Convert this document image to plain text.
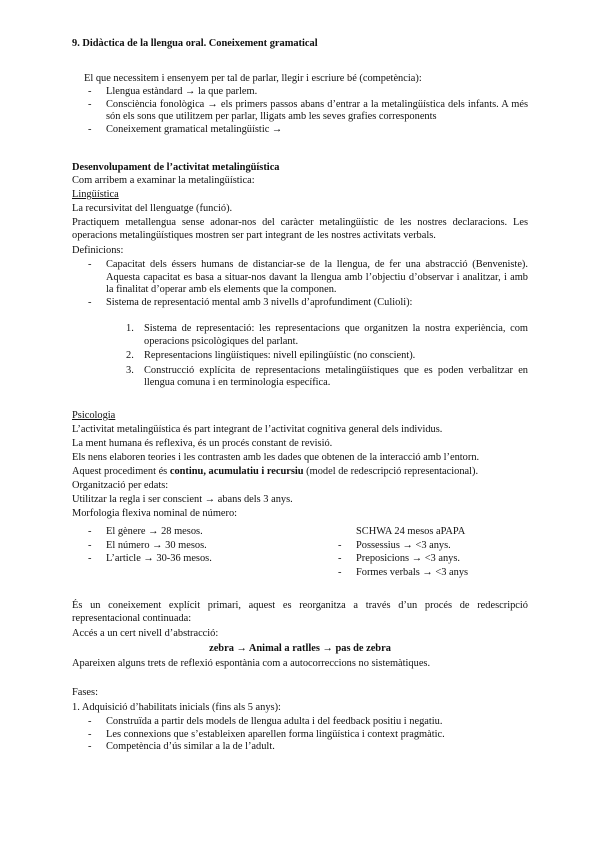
9. Didàctica de la llengua oral. Coneixement gramatical

El que necessitem i ensenyem per tal de parlar, llegir i escriure bé (competència):

- Llengua estàndard → la que parlem.
- Consciència fonològica → els primers passos abans d’entrar a la metalingüística dels infants. A més són els sons que utilitzem per parlar, lligats amb les seves grafies corresponents
- Coneixement gramatical metalingüístic →

Desenvolupament de l’activitat metalingüística

Com arribem a examinar la metalingüística:

Lingüística

La recursivitat del llenguatge (funció).

Practiquem metallengua sense adonar-nos del caràcter metalingüístic de les nostres declaracions. Les operacions metalingüístiques mostren ser part integrant de les nostres activitats verbals.

Definicions:

- Capacitat dels éssers humans de distanciar-se de la llengua, de fer una abstracció (Benveniste). Aquesta capacitat es basa a situar-nos davant la llengua amb l’objectiu d’observar i analitzar, i amb la finalitat d’operar amb els elements que la componen.
- Sistema de representació mental amb 3 nivells d’aprofundiment (Culioli):
1. Sistema de representació: les representacions que organitzen la nostra experiència, com operacions psicològiques del parlant.
2. Representacions lingüístiques: nivell epilingüístic (no conscient).
3. Construcció explícita de representacions metalingüístiques que es poden verbalitzar en llengua comuna i en terminologia específica.

Psicologia

L’activitat metalingüística és part integrant de l’activitat cognitiva general dels individus.

La ment humana és reflexiva, és un procés constant de revisió.

Els nens elaboren teories i les contrasten amb les dades que obtenen de la interacció amb l’entorn.

Aquest procediment és continu, acumulatiu i recursiu (model de redescripció representacional).

Organització per edats:

Utilitzar la regla i ser conscient → abans dels 3 anys.

Morfologia flexiva nominal de número:

- El gènere → 28 mesos.
- El número → 30 mesos.
- L’article → 30-36 mesos.
SCHWA 24 mesos aPAPA
- Possessius → <3 anys.
- Preposicions → <3 anys.
- Formes verbals → <3 anys

És un coneixement explícit primari, aquest es reorganitza a través d’un procés de redescripció representacional continuada:

Accés a un cert nivell d’abstracció:

zebra → Animal a ratlles → pas de zebra

Apareixen alguns trets de reflexió espontània com a autocorreccions no sistemàtiques.

Fases:

1. Adquisició d’habilitats inicials (fins als 5 anys):

- Construïda a partir dels models de llengua adulta i del feedback positiu i negatiu.
- Les connexions que s’estableixen aparellen forma lingüística i context pragmàtic.
- Competència d’ús similar a la de l’adult.
